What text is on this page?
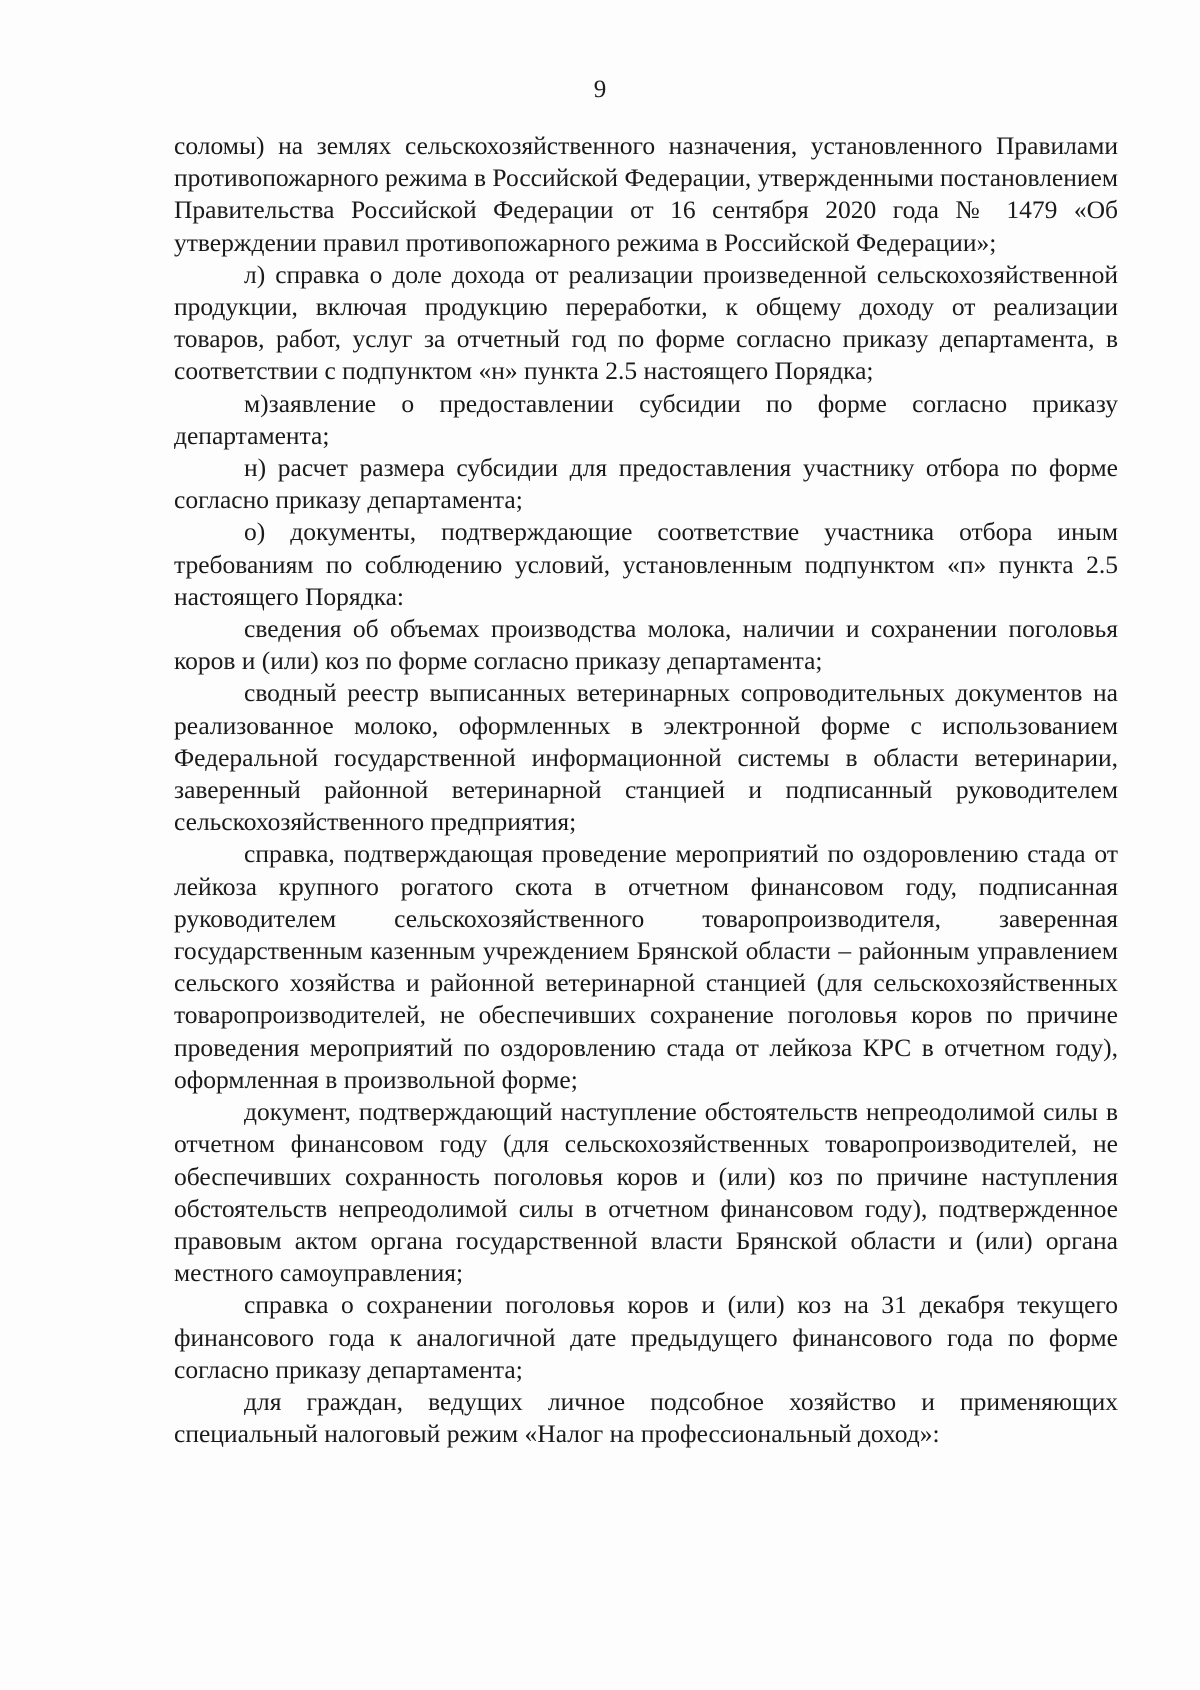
9

соломы) на землях сельскохозяйственного назначения, установленного Правилами противопожарного режима в Российской Федерации, утвержденными постановлением Правительства Российской Федерации от 16 сентября 2020 года № 1479 «Об утверждении правил противопожарного режима в Российской Федерации»;

л) справка о доле дохода от реализации произведенной сельскохозяйственной продукции, включая продукцию переработки, к общему доходу от реализации товаров, работ, услуг за отчетный год по форме согласно приказу департамента, в соответствии с подпунктом «н» пункта 2.5 настоящего Порядка;

м)заявление о предоставлении субсидии по форме согласно приказу департамента;

н) расчет размера субсидии для предоставления участнику отбора по форме согласно приказу департамента;

о) документы, подтверждающие соответствие участника отбора иным требованиям по соблюдению условий, установленным подпунктом «п» пункта 2.5 настоящего Порядка:

сведения об объемах производства молока, наличии и сохранении поголовья коров и (или) коз по форме согласно приказу департамента;

сводный реестр выписанных ветеринарных сопроводительных документов на реализованное молоко, оформленных в электронной форме с использованием Федеральной государственной информационной системы в области ветеринарии, заверенный районной ветеринарной станцией и подписанный руководителем сельскохозяйственного предприятия;

справка, подтверждающая проведение мероприятий по оздоровлению стада от лейкоза крупного рогатого скота в отчетном финансовом году, подписанная руководителем сельскохозяйственного товаропроизводителя, заверенная государственным казенным учреждением Брянской области – районным управлением сельского хозяйства и районной ветеринарной станцией (для сельскохозяйственных товаропроизводителей, не обеспечивших сохранение поголовья коров по причине проведения мероприятий по оздоровлению стада от лейкоза КРС в отчетном году), оформленная в произвольной форме;

документ, подтверждающий наступление обстоятельств непреодолимой силы в отчетном финансовом году (для сельскохозяйственных товаропроизводителей, не обеспечивших сохранность поголовья коров и (или) коз по причине наступления обстоятельств непреодолимой силы в отчетном финансовом году), подтвержденное правовым актом органа государственной власти Брянской области и (или) органа местного самоуправления;

справка о сохранении поголовья коров и (или) коз на 31 декабря текущего финансового года к аналогичной дате предыдущего финансового года по форме согласно приказу департамента;

для граждан, ведущих личное подсобное хозяйство и применяющих специальный налоговый режим «Налог на профессиональный доход»:
